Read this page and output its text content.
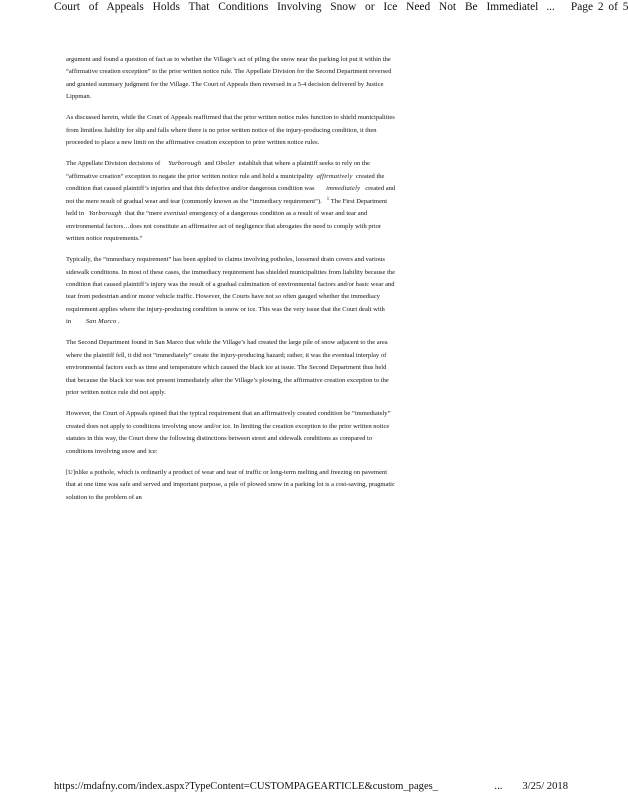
Court of Appeals Holds That Conditions Involving Snow or Ice Need Not Be Immediatel ... Page 2 of 5

argument and found a question of fact as to whether the Village’s act of piling the snow near the parking lot put it within the “affirmative creation exception” to the prior written notice rule. The Appellate Division for the Second Department reversed and granted summary judgment for the Village. The Court of Appeals then reversed in a 5-4 decision delivered by Justice Lippman.

As discussed herein, while the Court of Appeals reaffirmed that the prior written notice rules function to shield municipalities from limitless liability for slip and falls where there is no prior written notice of the injury-producing condition, it then proceeded to place a new limit on the affirmative creation exception to prior written notice rules.

The Appellate Division decisions of Yarborough and Oboler establish that where a plaintiff seeks to rely on the “affirmative creation” exception to negate the prior written notice rule and hold a municipality affirmatively created the condition that caused plaintiff’s injuries and that this defective and/or dangerous condition was immediately created and not the mere result of gradual wear and tear (commonly known as the “immediacy requirement”). $^1$ The First Department held in Yarborough that the “mere eventual emergency of a dangerous condition as a result of wear and tear and environmental factors…does not constitute an affirmative act of negligence that abrogates the need to comply with prior written notice requirements.”

Typically, the “immediacy requirement” has been applied to claims involving potholes, loosened drain covers and various sidewalk conditions. In most of these cases, the immediacy requirement has shielded municipalities from liability because the condition that caused plaintiff’s injury was the result of a gradual culmination of environmental factors and/or basic wear and tear from pedestrian and/or motor vehicle traffic. However, the Courts have not so often gauged whether the immediacy requirement applies where the injury-producing condition is snow or ice. This was the very issue that the Court dealt with in San Marco .

The Second Department found in San Marco that while the Village’s had created the large pile of snow adjacent to the area where the plaintiff fell, it did not “immediately” create the injury-producing hazard; rather, it was the eventual interplay of environmental factors such as time and temperature which caused the black ice at issue. The Second Department thus held that because the black ice was not present immediately after the Village’s plowing, the affirmative creation exception to the prior written notice rule did not apply.

However, the Court of Appeals opined that the typical requirement that an affirmatively created condition be “immediately” created does not apply to conditions involving snow and/or ice. In limiting the creation exception to the prior written notice statutes in this way, the Court drew the following distinctions between street and sidewalk conditions as compared to conditions involving snow and ice:

[U]nlike a pothole, which is ordinarily a product of wear and tear of traffic or long-term melting and freezing on pavement that at one time was safe and served and important purpose, a pile of plowed snow in a parking lot is a cost-saving, pragmatic solution to the problem of an

https://mdafny.com/index.aspx?TypeContent=CUSTOMPAGEARTICLE&custom_pages_	... 3/25/ 2018
